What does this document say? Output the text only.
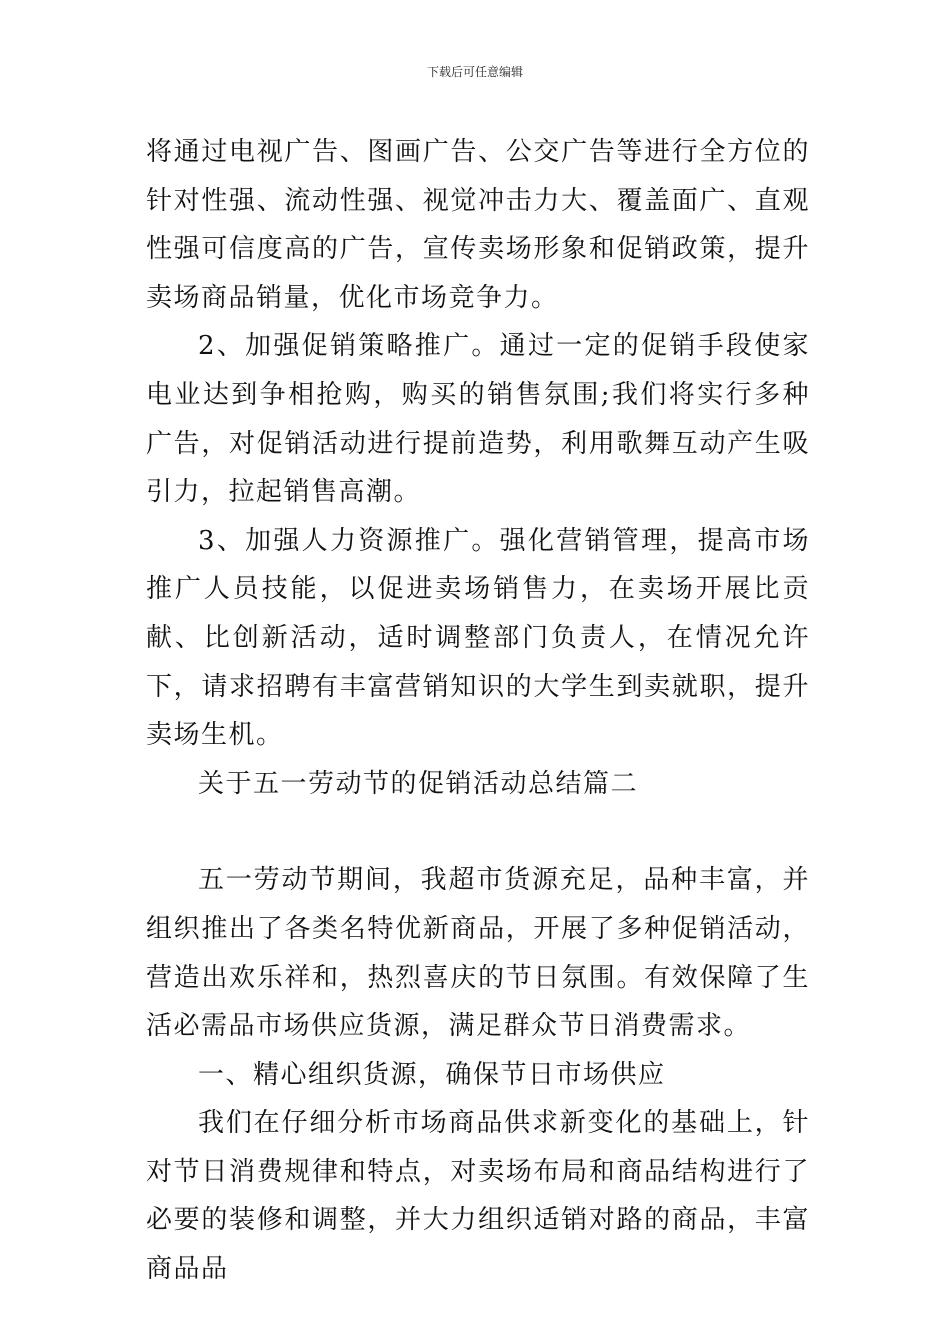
下载后可任意编辑

将通过电视广告、图画广告、公交广告等进行全方位的针对性强、流动性强、视觉冲击力大、覆盖面广、直观性强可信度高的广告，宣传卖场形象和促销政策，提升卖场商品销量，优化市场竞争力。

2、加强促销策略推广。通过一定的促销手段使家电业达到争相抢购，购买的销售氛围;我们将实行多种广告，对促销活动进行提前造势，利用歌舞互动产生吸引力，拉起销售高潮。

3、加强人力资源推广。强化营销管理，提高市场推广人员技能，以促进卖场销售力，在卖场开展比贡献、比创新活动，适时调整部门负责人，在情况允许下，请求招聘有丰富营销知识的大学生到卖就职，提升卖场生机。

关于五一劳动节的促销活动总结篇二

五一劳动节期间，我超市货源充足，品种丰富，并组织推出了各类名特优新商品，开展了多种促销活动，营造出欢乐祥和，热烈喜庆的节日氛围。有效保障了生活必需品市场供应货源，满足群众节日消费需求。

一、精心组织货源，确保节日市场供应

我们在仔细分析市场商品供求新变化的基础上，针对节日消费规律和特点，对卖场布局和商品结构进行了必要的装修和调整，并大力组织适销对路的商品，丰富商品品
